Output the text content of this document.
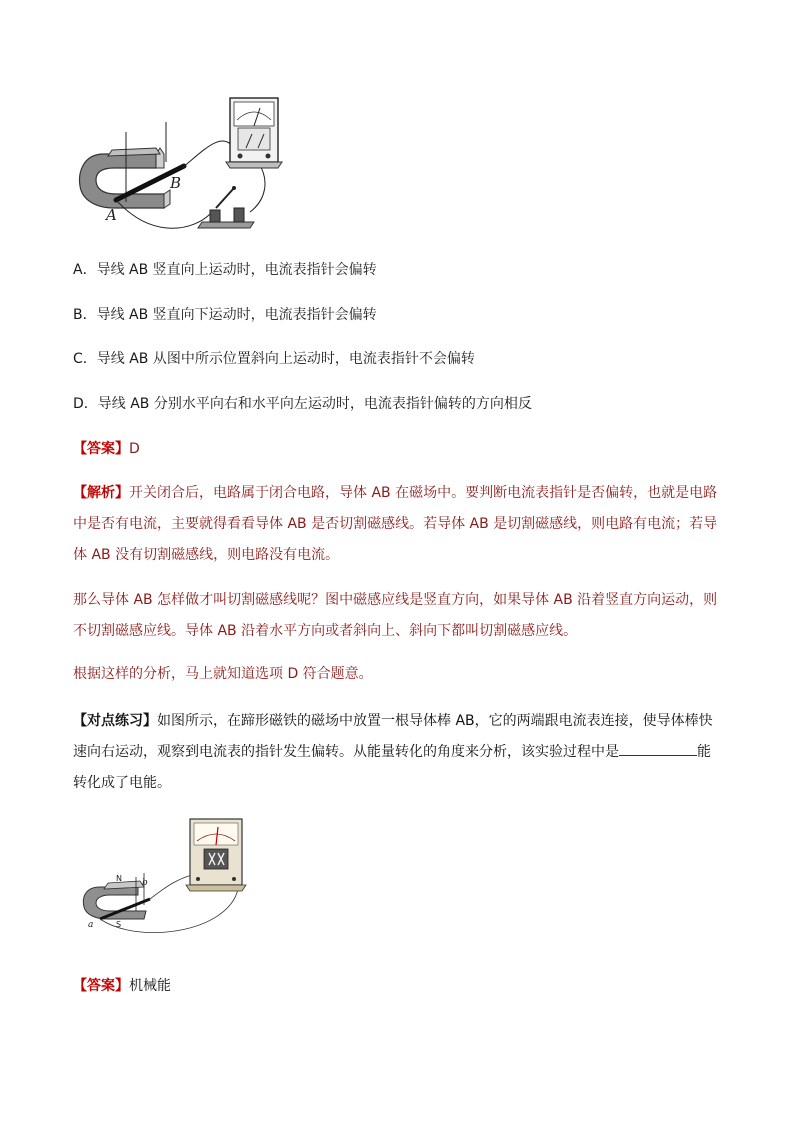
A
B
A．导线 AB 竖直向上运动时，电流表指针会偏转
B．导线 AB 竖直向下运动时，电流表指针会偏转
C．导线 AB 从图中所示位置斜向上运动时，电流表指针不会偏转
D．导线 AB 分别水平向右和水平向左运动时，电流表指针偏转的方向相反
【答案】D
【解析】开关闭合后，电路属于闭合电路，导体 AB 在磁场中。要判断电流表指针是否偏转，也就是电路中是否有电流，主要就得看看导体 AB 是否切割磁感线。若导体 AB 是切割磁感线，则电路有电流；若导体 AB 没有切割磁感线，则电路没有电流。
那么导体 AB 怎样做才叫切割磁感线呢？图中磁感应线是竖直方向，如果导体 AB 沿着竖直方向运动，则不切割磁感应线。导体 AB 沿着水平方向或者斜向上、斜向下都叫切割磁感应线。
根据这样的分析，马上就知道选项 D 符合题意。
【对点练习】如图所示，在蹄形磁铁的磁场中放置一根导体棒 AB，它的两端跟电流表连接，使导体棒快速向右运动，观察到电流表的指针发生偏转。从能量转化的角度来分析，该实验过程中是	能转化成了电能。
N
S
a
b
【答案】机械能
